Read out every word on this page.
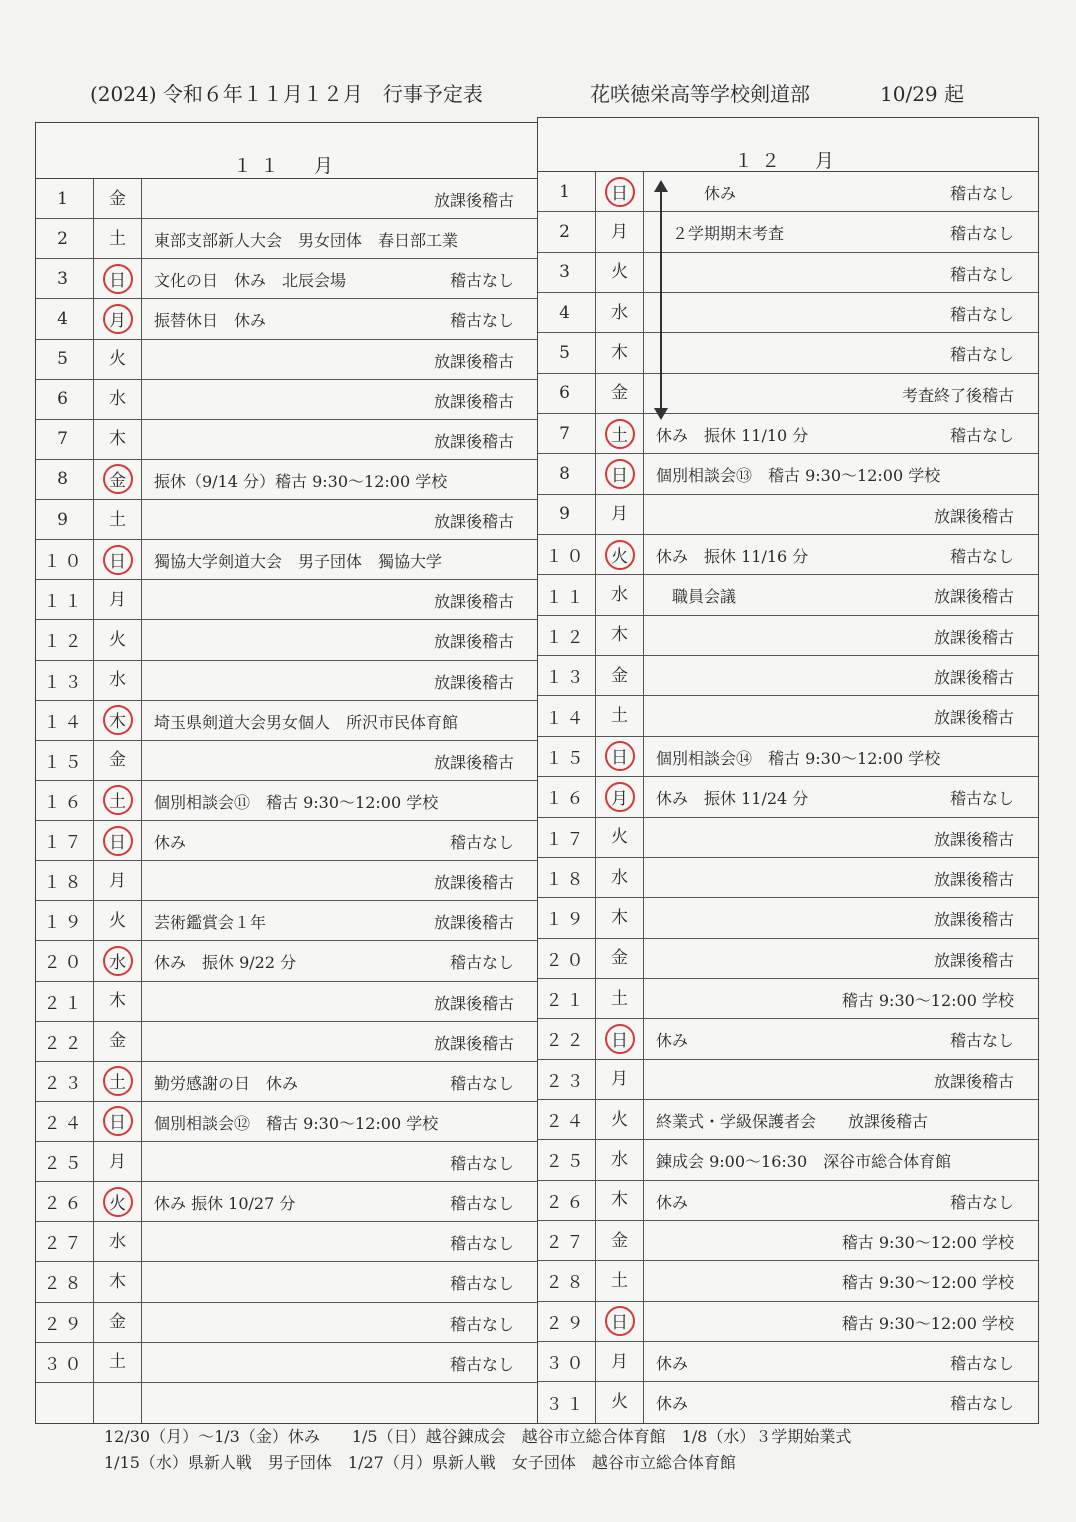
(2024) 令和６年１１月１２月　行事予定表	花咲徳栄高等学校剣道部	10/29 起
１１　月
1	金	放課後稽古
2	土	東部支部新人大会　男女団体　春日部工業
3	日	文化の日　休み　北辰会場	稽古なし
4	月	振替休日　休み	稽古なし
5	火	放課後稽古
6	水	放課後稽古
7	木	放課後稽古
8	金	振休（9/14 分）稽古 9:30～12:00 学校
9	土	放課後稽古
１０	日	獨協大学剣道大会　男子団体　獨協大学
１１	月	放課後稽古
１２	火	放課後稽古
１３	水	放課後稽古
１４	木	埼玉県剣道大会男女個人　所沢市民体育館
１５	金	放課後稽古
１６	土	個別相談会⑪　稽古 9:30～12:00 学校
１７	日	休み	稽古なし
１８	月	放課後稽古
１９	火	芸術鑑賞会１年	放課後稽古
２０	水	休み　振休 9/22 分	稽古なし
２１	木	放課後稽古
２２	金	放課後稽古
２３	土	勤労感謝の日　休み	稽古なし
２４	日	個別相談会⑫　稽古 9:30～12:00 学校
２５	月	稽古なし
２６	火	休み 振休 10/27 分	稽古なし
２７	水	稽古なし
２８	木	稽古なし
２９	金	稽古なし
３０	土	稽古なし
１２　月
1	日	　　　休み	稽古なし
2	月	　２学期期末考査	稽古なし
3	火	稽古なし
4	水	稽古なし
5	木	稽古なし
6	金	考査終了後稽古
7	土	休み　振休 11/10 分	稽古なし
8	日	個別相談会⑬　稽古 9:30～12:00 学校
9	月	放課後稽古
１０	火	休み　振休 11/16 分	稽古なし
１１	水	　職員会議	放課後稽古
１２	木	放課後稽古
１３	金	放課後稽古
１４	土	放課後稽古
１５	日	個別相談会⑭　稽古 9:30～12:00 学校
１６	月	休み　振休 11/24 分	稽古なし
１７	火	放課後稽古
１８	水	放課後稽古
１９	木	放課後稽古
２０	金	放課後稽古
２１	土	稽古 9:30～12:00 学校
２２	日	休み	稽古なし
２３	月	放課後稽古
２４	火	終業式・学級保護者会　　放課後稽古
２５	水	錬成会 9:00～16:30　深谷市総合体育館
２６	木	休み	稽古なし
２７	金	稽古 9:30～12:00 学校
２８	土	稽古 9:30～12:00 学校
２９	日	稽古 9:30～12:00 学校
３０	月	休み	稽古なし
３１	火	休み	稽古なし
12/30（月）～1/3（金）休み　　1/5（日）越谷錬成会　越谷市立総合体育館　1/8（水）３学期始業式
1/15（水）県新人戦　男子団体　1/27（月）県新人戦　女子団体　越谷市立総合体育館
